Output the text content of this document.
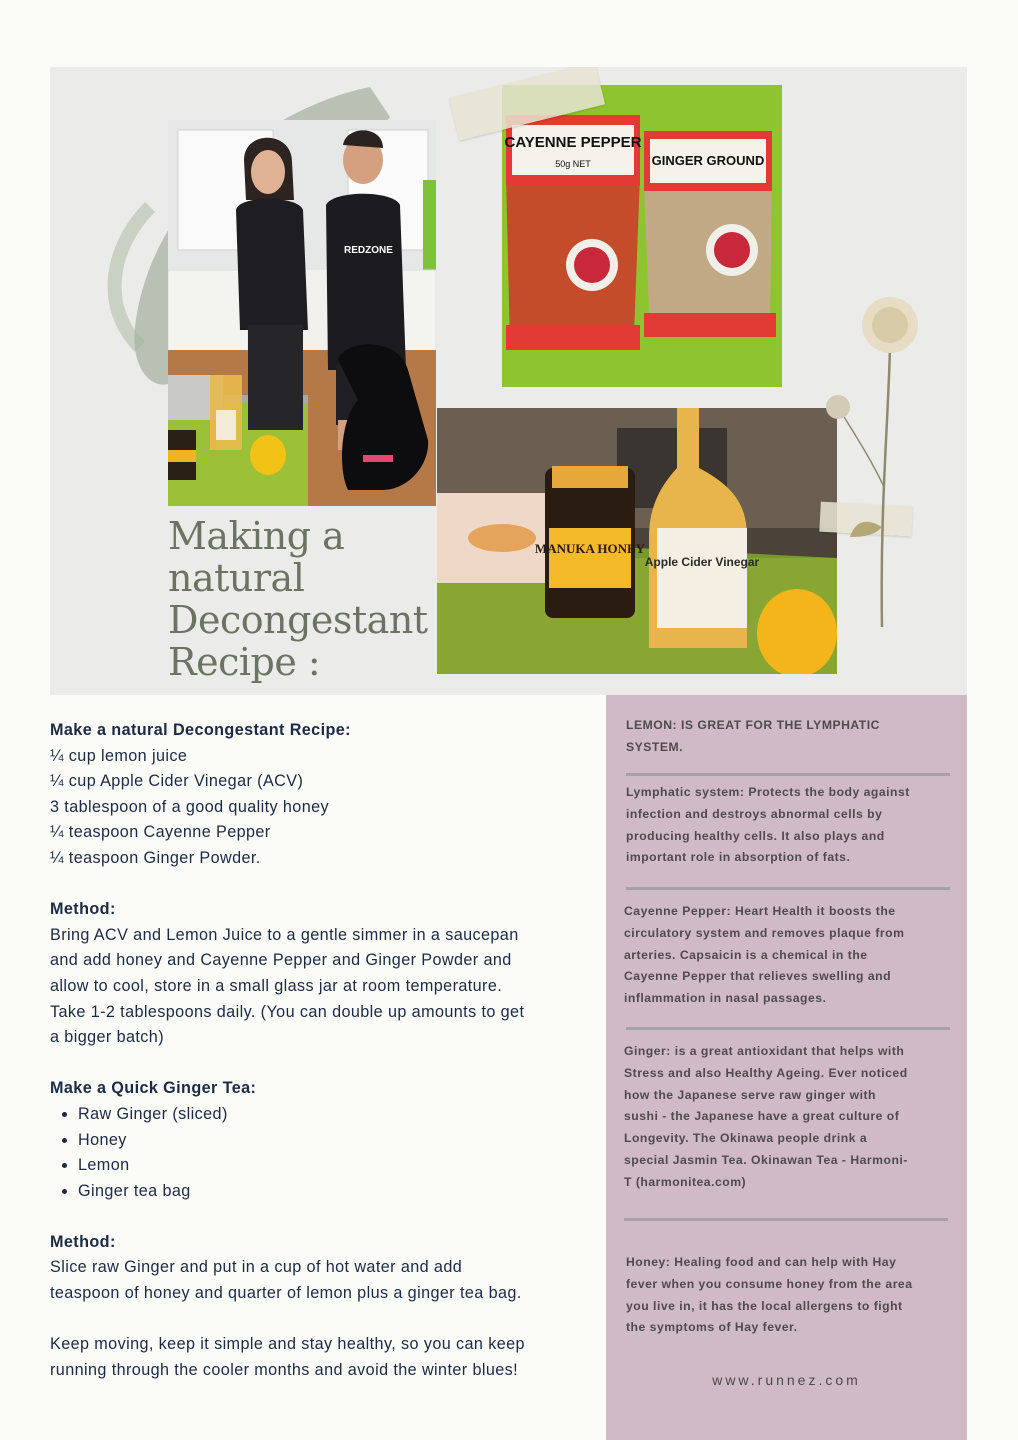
REDZONE
CAYENNE PEPPER
50g NET	GINGER GROUND
MANUKA HONEY
Apple Cider Vinegar
Making a
natural
Decongestant
Recipe :
Make a natural Decongestant Recipe:

¼ cup lemon juice

¼ cup Apple Cider Vinegar (ACV)

3 tablespoon of a good quality honey

¼ teaspoon Cayenne Pepper

¼ teaspoon Ginger Powder.

Method:

Bring ACV and Lemon Juice to a gentle simmer in a saucepan

and add honey and Cayenne Pepper and Ginger Powder and

allow to cool, store in a small glass jar at room temperature.

Take 1-2 tablespoons daily. (You can double up amounts to get

a bigger batch)

Make a Quick Ginger Tea:
• Raw Ginger (sliced)
• Honey
• Lemon
• Ginger tea bag
Method:

Slice raw Ginger and put in a cup of hot water and add

teaspoon of honey and quarter of lemon plus a ginger tea bag.

Keep moving, keep it simple and stay healthy, so you can keep

running through the cooler months and avoid the winter blues!

LEMON: IS GREAT FOR THE LYMPHATIC
SYSTEM.
Lymphatic system: Protects the body against
infection and destroys abnormal cells by
producing healthy cells. It also plays and
important role in absorption of fats.
Cayenne Pepper: Heart Health it boosts the
circulatory system and removes plaque from
arteries. Capsaicin is a chemical in the
Cayenne Pepper that relieves swelling and
inflammation in nasal passages.
Ginger: is a great antioxidant that helps with
Stress and also Healthy Ageing. Ever noticed
how the Japanese serve raw ginger with
sushi - the Japanese have a great culture of
Longevity. The Okinawa people drink a
special Jasmin Tea. Okinawan Tea - Harmoni-
T (harmonitea.com)
Honey: Healing food and can help with Hay
fever when you consume honey from the area
you live in, it has the local allergens to fight
the symptoms of Hay fever.

www.runnez.com
